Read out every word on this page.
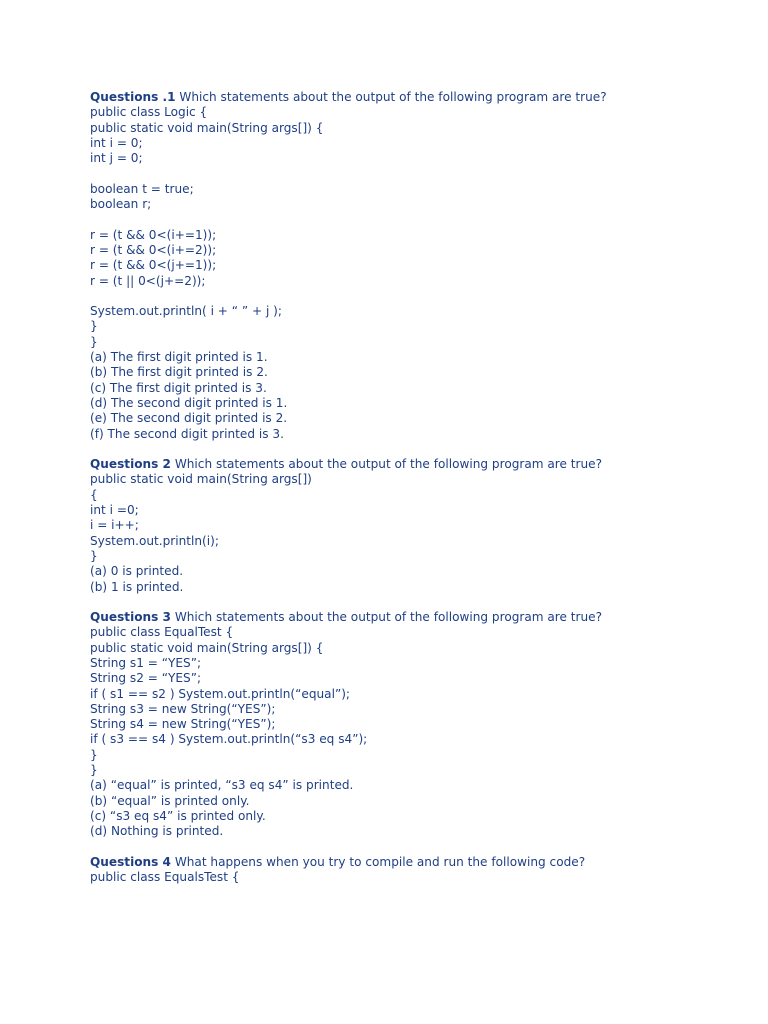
Questions .1 Which statements about the output of the following program are true?
public class Logic {
public static void main(String args[]) {
int i = 0;
int j = 0;
boolean t = true;
boolean r;
r = (t && 0<(i+=1));
r = (t && 0<(i+=2));
r = (t && 0<(j+=1));
r = (t || 0<(j+=2));
System.out.println( i + “ ” + j );
}
}
(a) The first digit printed is 1.
(b) The first digit printed is 2.
(c) The first digit printed is 3.
(d) The second digit printed is 1.
(e) The second digit printed is 2.
(f) The second digit printed is 3.
Questions 2 Which statements about the output of the following program are true?
public static void main(String args[])
{
int i =0;
i = i++;
System.out.println(i);
}
(a) 0 is printed.
(b) 1 is printed.
Questions 3 Which statements about the output of the following program are true?
public class EqualTest {
public static void main(String args[]) {
String s1 = “YES”;
String s2 = “YES”;
if ( s1 == s2 ) System.out.println(“equal”);
String s3 = new String(“YES”);
String s4 = new String(“YES”);
if ( s3 == s4 ) System.out.println(“s3 eq s4”);
}
}
(a) “equal” is printed, “s3 eq s4” is printed.
(b) “equal” is printed only.
(c) “s3 eq s4” is printed only.
(d) Nothing is printed.
Questions 4 What happens when you try to compile and run the following code?
public class EqualsTest {
